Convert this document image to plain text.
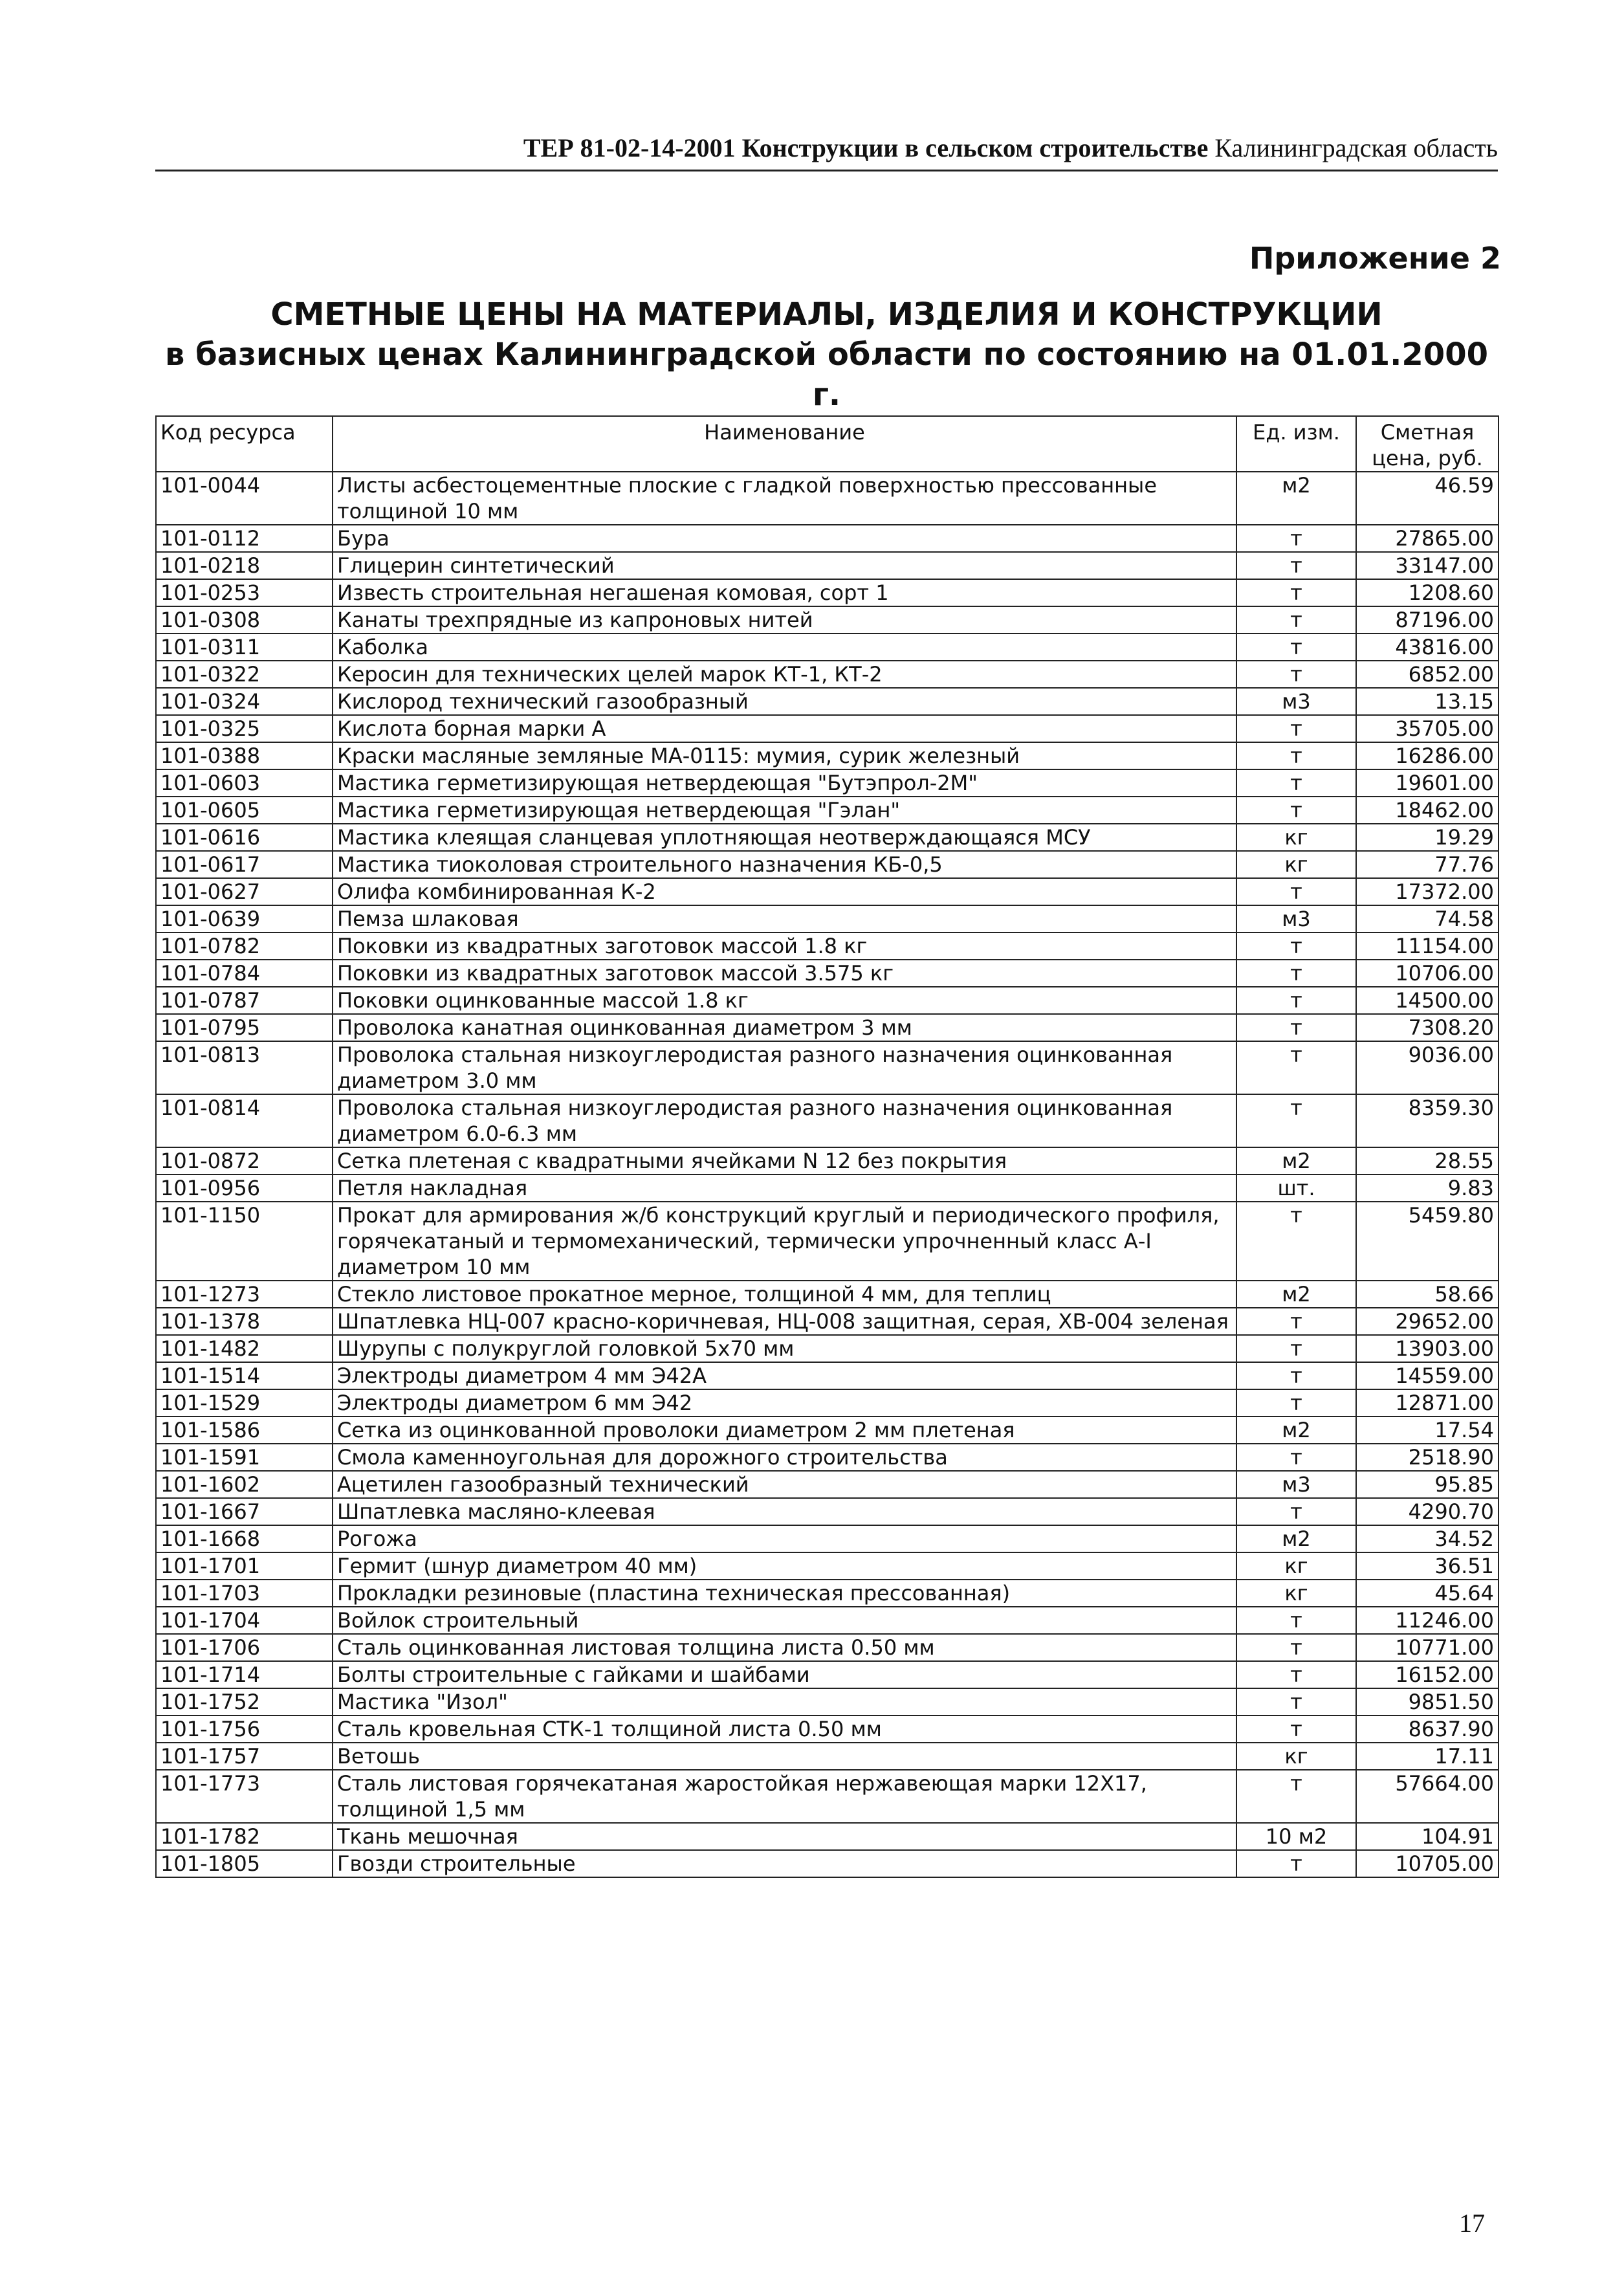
ТЕР 81-02-14-2001 Конструкции в сельском строительстве Калининградская область
Приложение 2
СМЕТНЫЕ ЦЕНЫ НА МАТЕРИАЛЫ, ИЗДЕЛИЯ И КОНСТРУКЦИИ
в базисных ценах Калининградской области по состоянию на 01.01.2000 г.
Код ресурса	Наименование	Ед. изм.	Сметная цена, руб.
101-0044	Листы асбестоцементные плоские с гладкой поверхностью прессованные толщиной 10 мм	м2	46.59
101-0112	Бура	т	27865.00
101-0218	Глицерин синтетический	т	33147.00
101-0253	Известь строительная негашеная комовая, сорт 1	т	1208.60
101-0308	Канаты трехпрядные из капроновых нитей	т	87196.00
101-0311	Каболка	т	43816.00
101-0322	Керосин для технических целей марок КТ-1, КТ-2	т	6852.00
101-0324	Кислород технический газообразный	м3	13.15
101-0325	Кислота борная марки А	т	35705.00
101-0388	Краски масляные земляные МА-0115: мумия, сурик железный	т	16286.00
101-0603	Мастика герметизирующая нетвердеющая "Бутэпрол-2М"	т	19601.00
101-0605	Мастика герметизирующая нетвердеющая "Гэлан"	т	18462.00
101-0616	Мастика клеящая сланцевая уплотняющая неотверждающаяся МСУ	кг	19.29
101-0617	Мастика тиоколовая строительного назначения КБ-0,5	кг	77.76
101-0627	Олифа комбинированная К-2	т	17372.00
101-0639	Пемза шлаковая	м3	74.58
101-0782	Поковки из квадратных заготовок массой 1.8 кг	т	11154.00
101-0784	Поковки из квадратных заготовок массой 3.575 кг	т	10706.00
101-0787	Поковки оцинкованные массой 1.8 кг	т	14500.00
101-0795	Проволока канатная оцинкованная диаметром 3 мм	т	7308.20
101-0813	Проволока стальная низкоуглеродистая разного назначения оцинкованная диаметром 3.0 мм	т	9036.00
101-0814	Проволока стальная низкоуглеродистая разного назначения оцинкованная диаметром 6.0-6.3 мм	т	8359.30
101-0872	Сетка плетеная с квадратными ячейками N 12 без покрытия	м2	28.55
101-0956	Петля накладная	шт.	9.83
101-1150	Прокат для армирования ж/б конструкций круглый и периодического профиля, горячекатаный и термомеханический, термически упрочненный класс А-I диаметром 10 мм	т	5459.80
101-1273	Стекло листовое прокатное мерное, толщиной 4 мм, для теплиц	м2	58.66
101-1378	Шпатлевка НЦ-007 красно-коричневая, НЦ-008 защитная, серая, ХВ-004 зеленая	т	29652.00
101-1482	Шурупы с полукруглой головкой 5х70 мм	т	13903.00
101-1514	Электроды диаметром 4 мм Э42А	т	14559.00
101-1529	Электроды диаметром 6 мм Э42	т	12871.00
101-1586	Сетка из оцинкованной проволоки диаметром 2 мм плетеная	м2	17.54
101-1591	Смола каменноугольная для дорожного строительства	т	2518.90
101-1602	Ацетилен газообразный технический	м3	95.85
101-1667	Шпатлевка масляно-клеевая	т	4290.70
101-1668	Рогожа	м2	34.52
101-1701	Гермит (шнур диаметром 40 мм)	кг	36.51
101-1703	Прокладки резиновые (пластина техническая прессованная)	кг	45.64
101-1704	Войлок строительный	т	11246.00
101-1706	Сталь оцинкованная листовая толщина листа 0.50 мм	т	10771.00
101-1714	Болты строительные с гайками и шайбами	т	16152.00
101-1752	Мастика "Изол"	т	9851.50
101-1756	Сталь кровельная СТК-1 толщиной листа 0.50 мм	т	8637.90
101-1757	Ветошь	кг	17.11
101-1773	Сталь листовая горячекатаная жаростойкая нержавеющая марки 12Х17, толщиной 1,5 мм	т	57664.00
101-1782	Ткань мешочная	10 м2	104.91
101-1805	Гвозди строительные	т	10705.00
17
